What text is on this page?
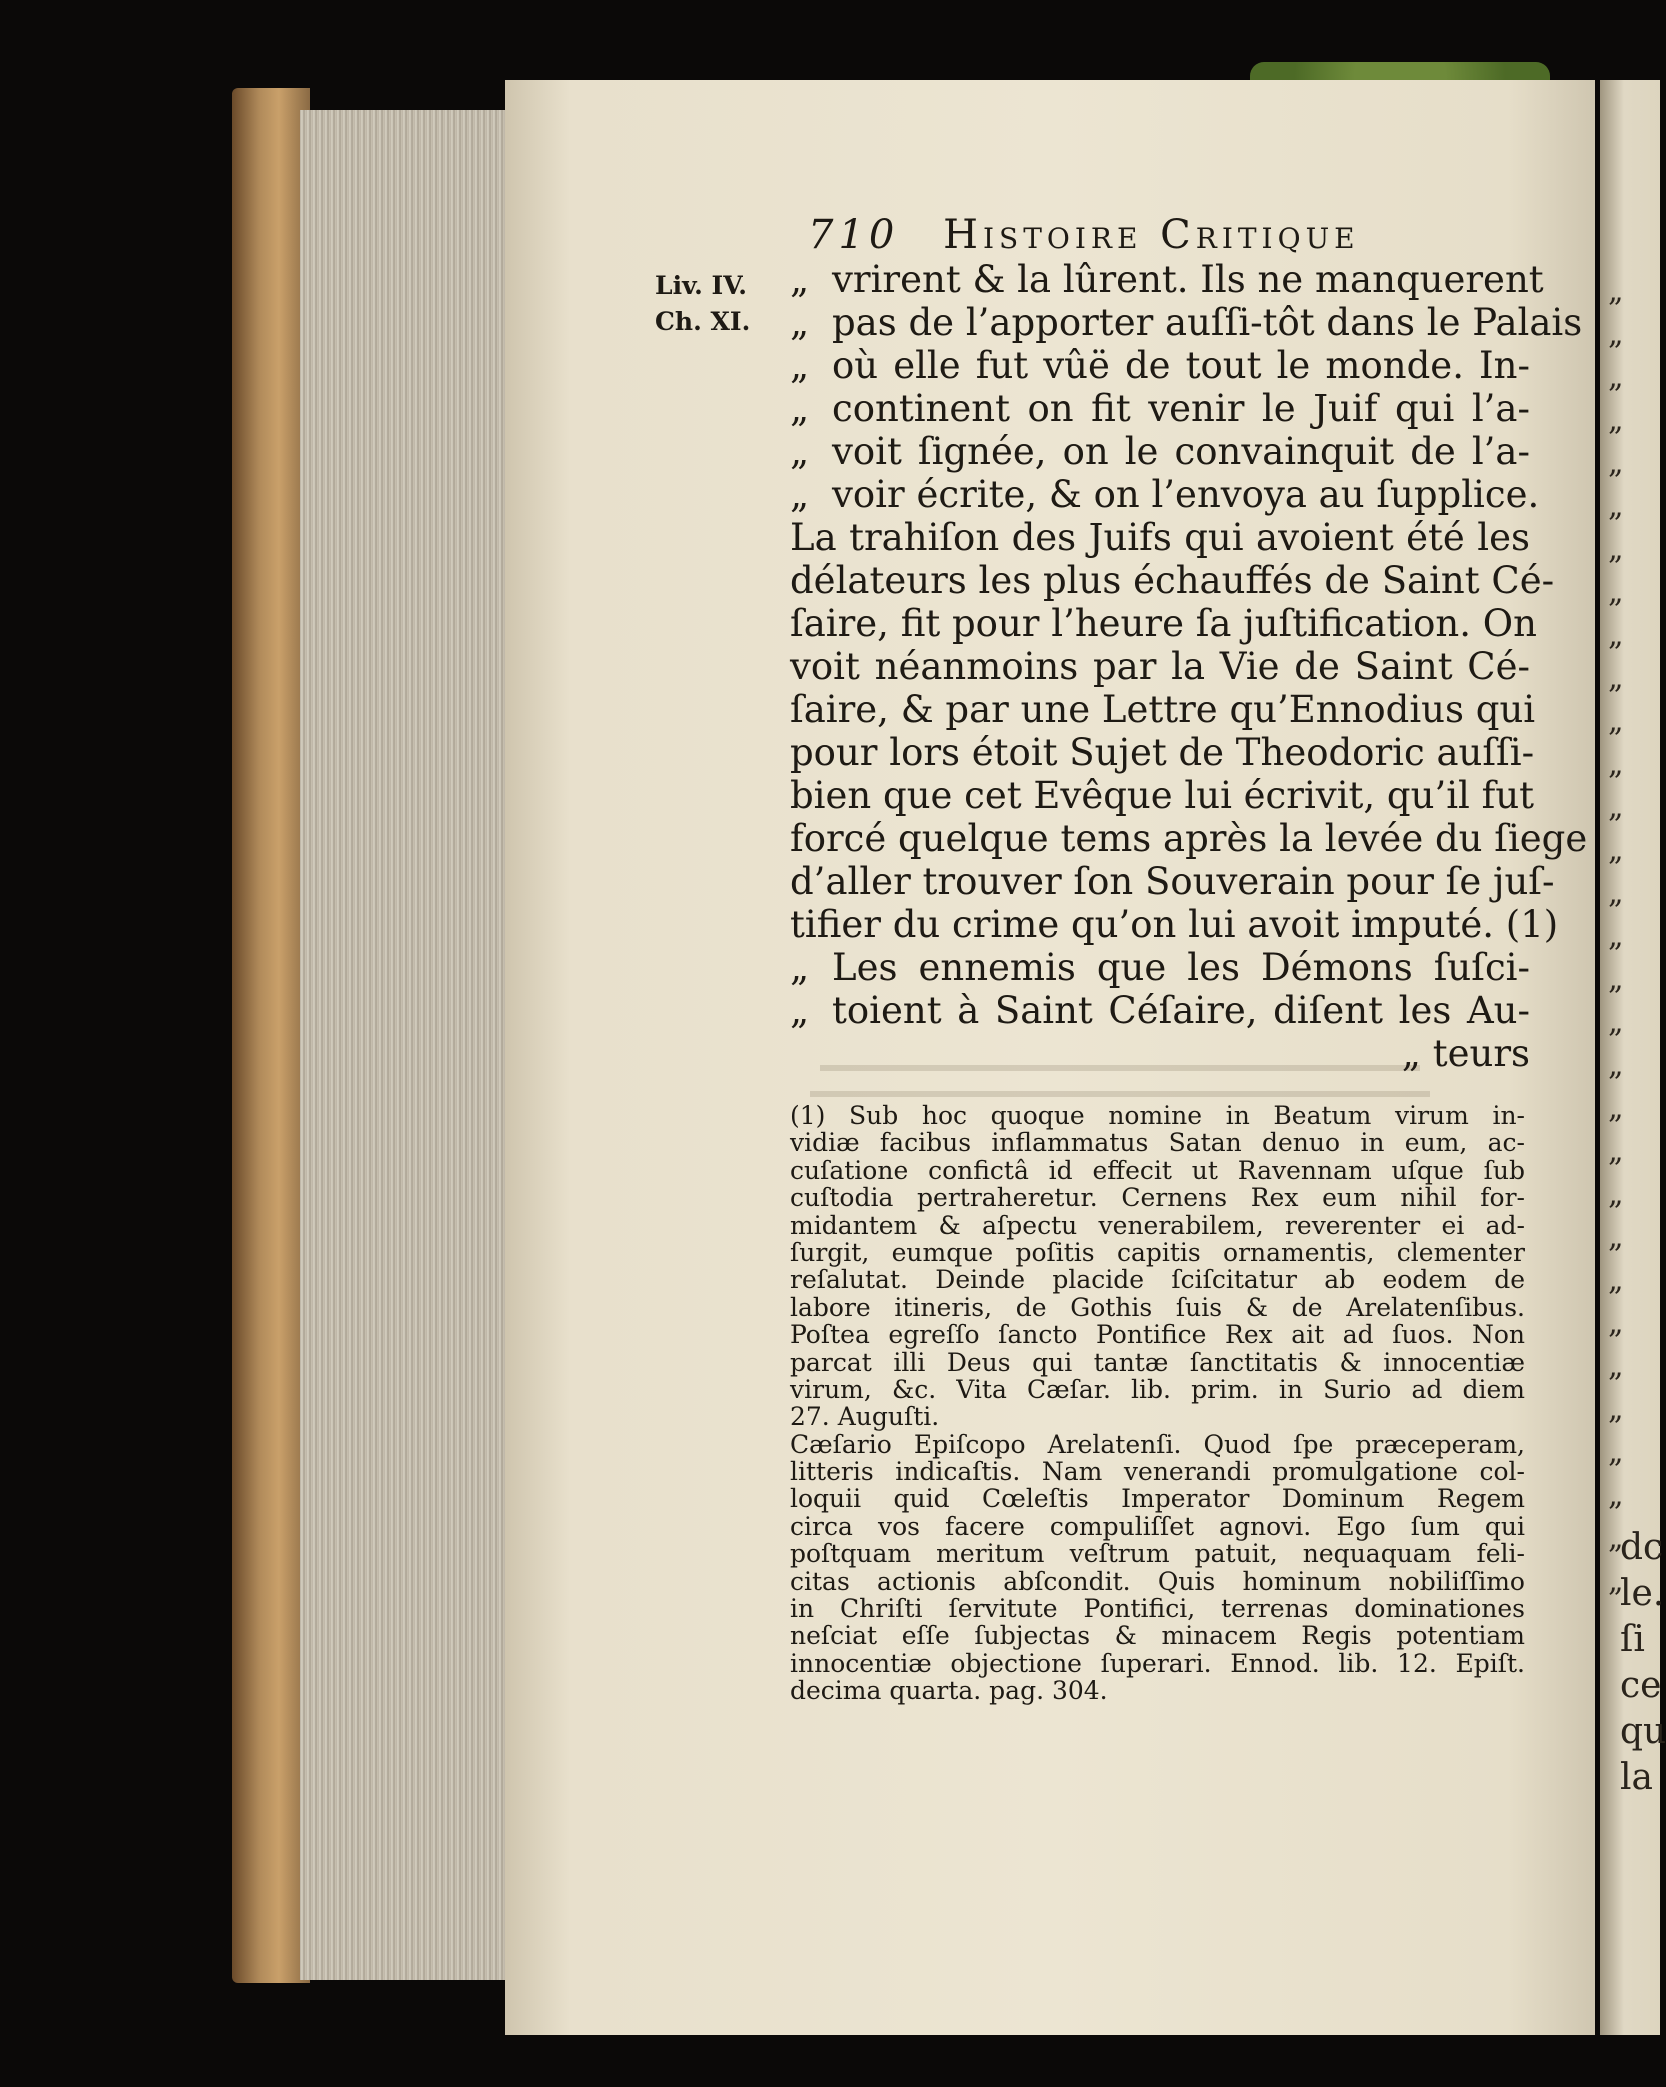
710 Histoire Critique
Liv. IV.
Ch. XI.
„ vrirent & la lûrent. Ils ne manquerent
„ pas de l’apporter auſſi-tôt dans le Palais
„ où elle fut vûë de tout le monde. In-
„ continent on fit venir le Juif qui l’a-
„ voit ſignée, on le convainquit de l’a-
„ voir écrite, & on l’envoya au ſupplice.
La trahiſon des Juifs qui avoient été les
délateurs les plus échauffés de Saint Cé-
ſaire, fit pour l’heure ſa juſtification. On
voit néanmoins par la Vie de Saint Cé-
ſaire, & par une Lettre qu’Ennodius qui
pour lors étoit Sujet de Theodoric auſſi-
bien que cet Evêque lui écrivit, qu’il fut
forcé quelque tems après la levée du ſiege
d’aller trouver ſon Souverain pour ſe juſ-
tifier du crime qu’on lui avoit imputé. (1)
„ Les ennemis que les Démons ſuſci-
„ toient à Saint Céſaire, diſent les Au-
„ teurs
(1) Sub hoc quoque nomine in Beatum virum in-
vidiæ facibus inflammatus Satan denuo in eum, ac-
cuſatione confictâ id effecit ut Ravennam uſque ſub
cuſtodia pertraheretur. Cernens Rex eum nihil for-
midantem & aſpectu venerabilem, reverenter ei ad-
ſurgit, eumque poſitis capitis ornamentis, clementer
reſalutat. Deinde placide ſciſcitatur ab eodem de
labore itineris, de Gothis ſuis & de Arelatenſibus.
Poſtea egreſſo ſancto Pontifice Rex ait ad ſuos. Non
parcat illi Deus qui tantæ ſanctitatis & innocentiæ
virum, &c. Vita Cæſar. lib. prim. in Surio ad diem
27. Auguſti.
Cæſario Epiſcopo Arelatenſi. Quod ſpe præceperam,
litteris indicaſtis. Nam venerandi promulgatione col-
loquii quid Cœleſtis Imperator Dominum Regem
circa vos facere compuliſſet agnovi. Ego ſum qui
poſtquam meritum veſtrum patuit, nequaquam feli-
citas actionis abſcondit. Quis hominum nobiliſſimo
in Chriſti ſervitute Pontifici, terrenas dominationes
neſciat eſſe ſubjectas & minacem Regis potentiam
innocentiæ objectione ſuperari. Ennod. lib. 12. Epiſt.
decima quarta. pag. 304.
„
„
„
„
„
„
„
„
„
„
„
„
„
„
„
„
„
„
„
„
„
„
„
„
„
„
„
„
„
„
„
dc
le.
ſi
ce
qu
la
